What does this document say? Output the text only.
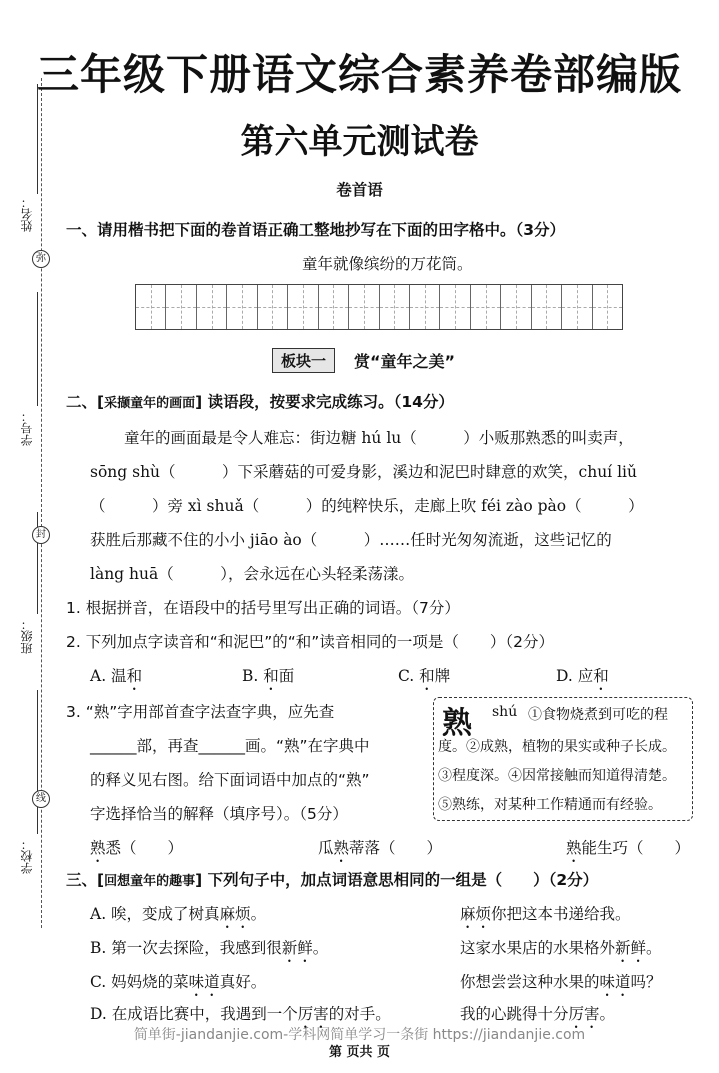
姓名：
学号：
班级：
学校：
弥
封
线
三年级下册语文综合素养卷部编版
第六单元测试卷
卷首语
一、请用楷书把下面的卷首语正确工整地抄写在下面的田字格中。（3分）
童年就像缤纷的万花筒。
板块一	赏“童年之美”
二、[采撷童年的画面] 读语段，按要求完成练习。（14分）
童年的画面最是令人难忘：街边糖 hú lu（　　　）小贩那熟悉的叫卖声，
sōng shù（　　　）下采蘑菇的可爱身影，溪边和泥巴时肆意的欢笑，chuí liǔ
（　　　）旁 xì shuǎ（　　　）的纯粹快乐，走廊上吹 féi zào pào（　　　）
获胜后那藏不住的小小 jiāo ào（　　　）……任时光匆匆流逝，这些记忆的
làng huā（　　　），会永远在心头轻柔荡漾。
1. 根据拼音，在语段中的括号里写出正确的词语。（7分）
2. 下列加点字读音和“和泥巴”的“和”读音相同的一项是（　　）（2分）
A. 温和	B. 和面	C. 和牌	D. 应和
3. “熟”字用部首查字法查字典，应先查
______部，再查______画。“熟”在字典中
的释义见右图。给下面词语中加点的“熟”
字选择恰当的解释（填序号）。（5分）
熟悉（　　）	瓜熟蒂落（　　）	熟能生巧（　　）
熟 shú ①食物烧煮到可吃的程
度。②成熟，植物的果实或种子长成。
③程度深。④因常接触而知道得清楚。
⑤熟练，对某种工作精通而有经验。
三、[回想童年的趣事] 下列句子中，加点词语意思相同的一组是（　　）（2分）
A. 唉，变成了树真麻烦。	麻烦你把这本书递给我。
B. 第一次去探险，我感到很新鲜。	这家水果店的水果格外新鲜。
C. 妈妈烧的菜味道真好。	你想尝尝这种水果的味道吗？
D. 在成语比赛中，我遇到一个厉害的对手。	我的心跳得十分厉害。
简单街-jiandanjie.com-学科网简单学习一条街 https://jiandanjie.com
第 页共 页
